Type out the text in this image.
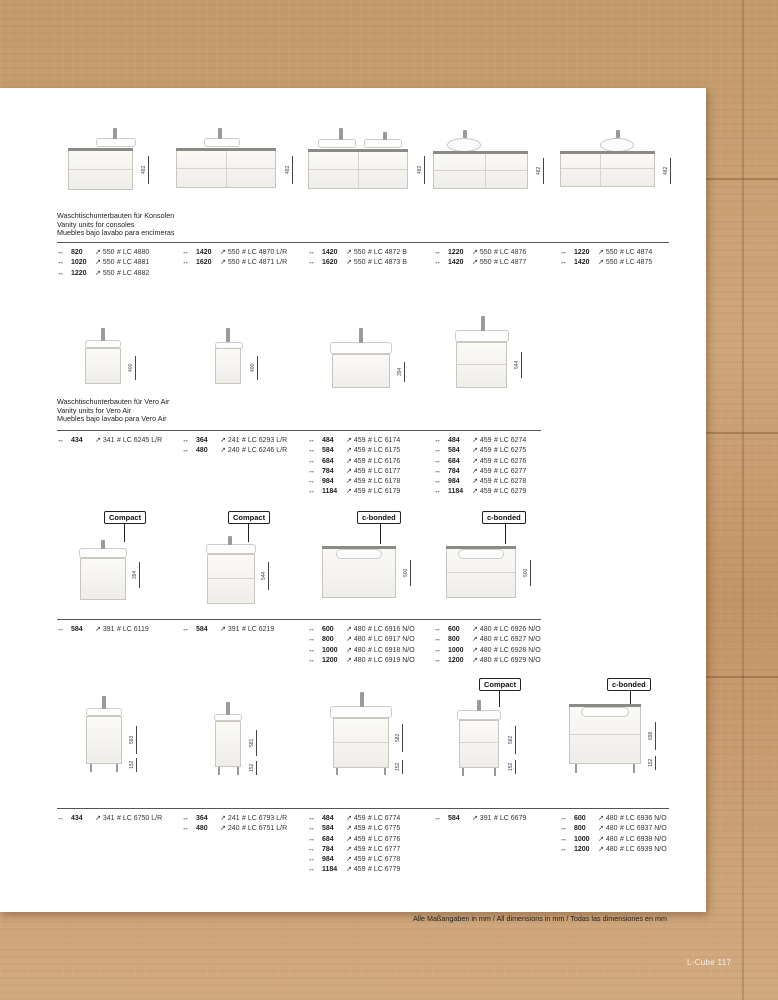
482	482	482	482	482
Waschtischunterbauten für Konsolen
Vanity units for consoles
Muebles bajo lavabo para encimeras
↔ 820 ↗ 550 # LC 4880
↔ 1020 ↗ 550 # LC 4881
↔ 1220 ↗ 550 # LC 4882
↔ 1420 ↗ 550 # LC 4870 L/R
↔ 1620 ↗ 550 # LC 4871 L/R
↔ 1420 ↗ 550 # LC 4872 B
↔ 1620 ↗ 550 # LC 4873 B
↔ 1220 ↗ 550 # LC 4876
↔ 1420 ↗ 550 # LC 4877
↔ 1220 ↗ 550 # LC 4874
↔ 1420 ↗ 550 # LC 4875
400	400	394
544
Waschtischunterbauten für Vero Air
Vanity units for Vero Air
Muebles bajo lavabo para Vero Air
↔ 434 ↗ 341 # LC 6245 L/R	↔ 364 ↗ 241 # LC 6293 L/R
↔ 480 ↗ 240 # LC 6246 L/R
↔ 484 ↗ 459 # LC 6174
↔ 584 ↗ 459 # LC 6175
↔ 684 ↗ 459 # LC 6176
↔ 784 ↗ 459 # LC 6177
↔ 984 ↗ 459 # LC 6178
↔ 1184 ↗ 459 # LC 6179
↔ 484 ↗ 459 # LC 6274
↔ 584 ↗ 459 # LC 6275
↔ 684 ↗ 459 # LC 6276
↔ 784 ↗ 459 # LC 6277
↔ 984 ↗ 459 # LC 6278
↔ 1184 ↗ 459 # LC 6279
Compact	Compact	c-bonded	c-bonded
394	544	500	500
↔ 584 ↗ 391 # LC 6119	↔ 584 ↗ 391 # LC 6219	↔ 600 ↗ 480 # LC 6916 N/O
↔ 800 ↗ 480 # LC 6917 N/O
↔ 1000 ↗ 480 # LC 6918 N/O
↔ 1200 ↗ 480 # LC 6919 N/O
↔ 600 ↗ 480 # LC 6926 N/O
↔ 800 ↗ 480 # LC 6927 N/O
↔ 1000 ↗ 480 # LC 6928 N/O
↔ 1200 ↗ 480 # LC 6929 N/O
Compact	c-bonded
593
152
581
152
582
152
582
152
698
152
↔ 434 ↗ 341 # LC 6750 L/R	↔ 364 ↗ 241 # LC 6793 L/R
↔ 480 ↗ 240 # LC 6751 L/R
↔ 484 ↗ 459 # LC 6774
↔ 584 ↗ 459 # LC 6775
↔ 684 ↗ 459 # LC 6776
↔ 784 ↗ 459 # LC 6777
↔ 984 ↗ 459 # LC 6778
↔ 1184 ↗ 459 # LC 6779
↔ 584 ↗ 391 # LC 6679	↔ 600 ↗ 480 # LC 6936 N/O
↔ 800 ↗ 480 # LC 6937 N/O
↔ 1000 ↗ 480 # LC 6938 N/O
↔ 1200 ↗ 480 # LC 6939 N/O
Alle Maßangaben in mm / All dimensions in mm / Todas las dimensiones en mm
L-Cube 117
